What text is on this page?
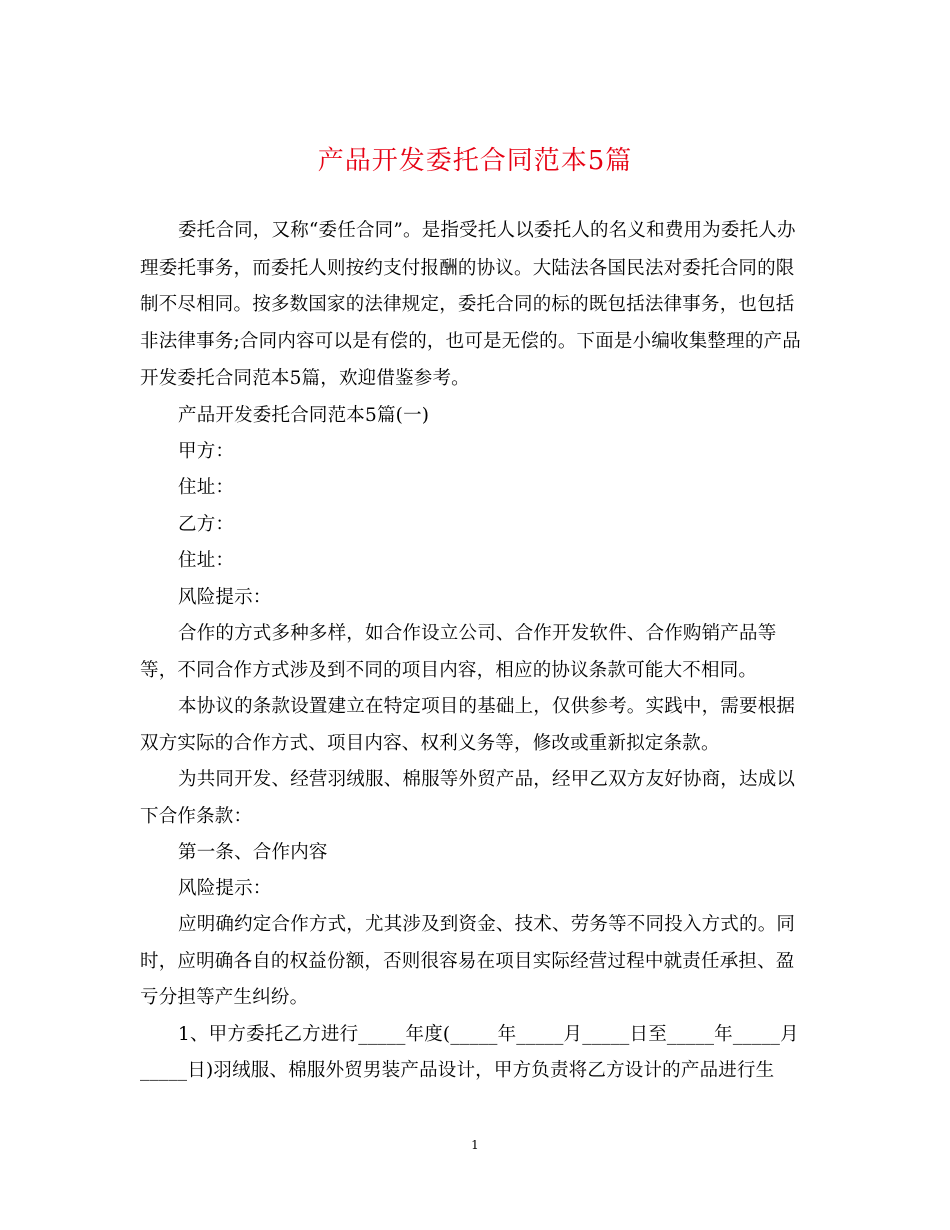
产品开发委托合同范本5篇
委托合同，又称“委任合同”。是指受托人以委托人的名义和费用为委托人办
理委托事务，而委托人则按约支付报酬的协议。大陆法各国民法对委托合同的限
制不尽相同。按多数国家的法律规定，委托合同的标的既包括法律事务，也包括
非法律事务;合同内容可以是有偿的，也可是无偿的。下面是小编收集整理的产品
开发委托合同范本5篇，欢迎借鉴参考。
产品开发委托合同范本5篇(一)
甲方：
住址：
乙方：
住址：
风险提示：
合作的方式多种多样，如合作设立公司、合作开发软件、合作购销产品等
等，不同合作方式涉及到不同的项目内容，相应的协议条款可能大不相同。
本协议的条款设置建立在特定项目的基础上，仅供参考。实践中，需要根据
双方实际的合作方式、项目内容、权利义务等，修改或重新拟定条款。
为共同开发、经营羽绒服、棉服等外贸产品，经甲乙双方友好协商，达成以
下合作条款：
第一条、合作内容
风险提示：
应明确约定合作方式，尤其涉及到资金、技术、劳务等不同投入方式的。同
时，应明确各自的权益份额，否则很容易在项目实际经营过程中就责任承担、盈
亏分担等产生纠纷。
1、甲方委托乙方进行_____年度(_____年_____月_____日至_____年_____月
_____日)羽绒服、棉服外贸男装产品设计，甲方负责将乙方设计的产品进行生
1
